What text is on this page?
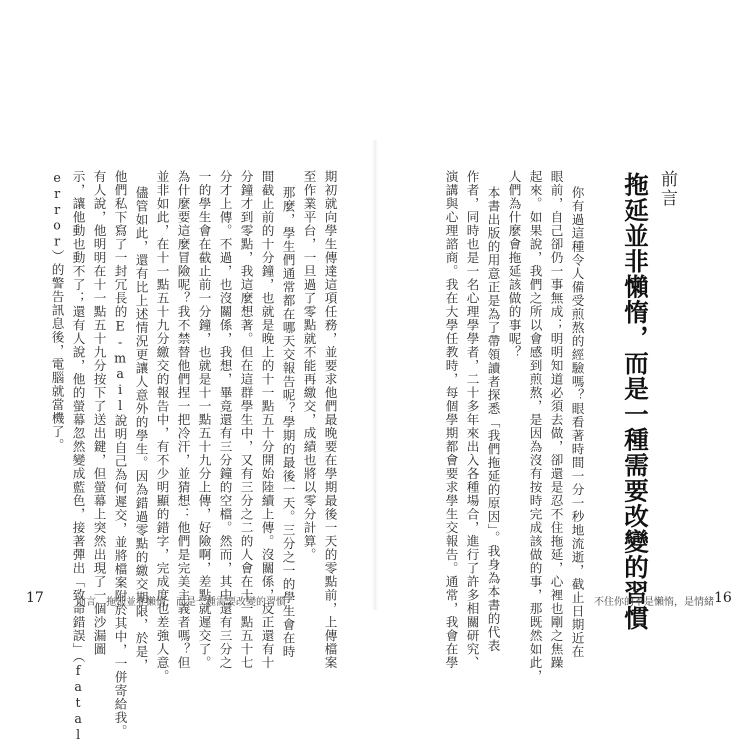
期初就向學生傳達這項任務，並要求他們最晚要在學期最後一天的零點前，上傳檔案
至作業平台，一旦過了零點就不能再繳交，成績也將以零分計算。
那麼，學生們通常都在哪天交報告呢？學期的最後一天。三分之一的學生會在時
間截止前的十分鐘，也就是晚上的十一點五十分開始陸續上傳。沒關係，反正還有十
分鐘才到零點，我這麼想著。但在這群學生中，又有三分之二的人會在十一點五十七
分才上傳。不過，也沒關係，我想，畢竟還有三分鐘的空檔。然而，其中還有三分之
一的學生會在截止前一分鐘，也就是十一點五十九分上傳，好險啊，差點就遲交了。
為什麼要這麼冒險呢？我不禁替他們捏一把冷汗，並猜想：他們是完美主義者嗎？但
並非如此，在十一點五十九分繳交的報告中，有不少明顯的錯字，完成度也差強人意。
儘管如此，還有比上述情況更讓人意外的學生。因為錯過零點的繳交期限，於是，
他們私下寫了一封冗長的E-mail說明自己為何遲交，並將檔案附於其中，一併寄給我。
有人說，他明明在十一點五十九分按下了送出鍵，但螢幕上突然出現了一個沙漏圖
示，讓他動也動不了；還有人說，他的螢幕忽然變成藍色，接著彈出「致命錯誤」（fatal
error）的警告訊息後，電腦就當機了。
17	前言　拖延並非懶惰，而是一種需要改變的習慣
前言
拖延並非懶惰，而是一種需要改變的習慣
你有過這種令人備受煎熬的經驗嗎？眼看著時間一分一秒地流逝，截止日期近在
眼前，自己卻仍一事無成；明明知道必須去做，卻還是忍不住拖延，心裡也剛之焦躁
起來。如果說，我們之所以會感到煎熬，是因為沒有按時完成該做的事，那既然如此，
人們為什麼會拖延該做的事呢？
本書出版的用意正是為了帶領讀者探悉「我們拖延的原因」。我身為本書的代表
作者，同時也是一名心理學學者，二十多年來出入各種場合，進行了許多相關研究、
演講與心理諮商。我在大學任教時，每個學期都會要求學生交報告。通常，我會在學	不住你的不是懶惰，是情緒 16
